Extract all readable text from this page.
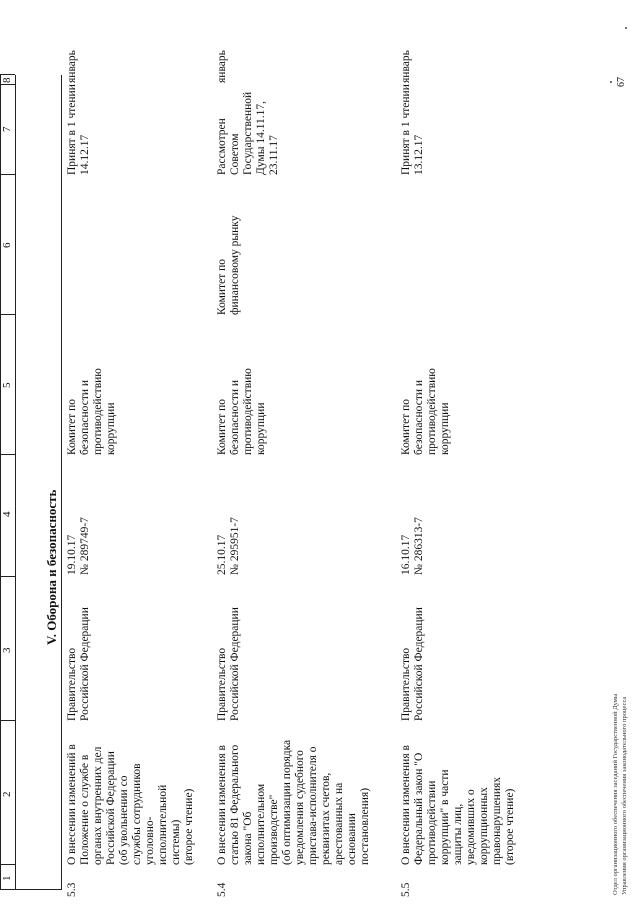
1
2
3
4
5
6
7
8
V. Оборона и безопасность
5.3
О внесении изменений в Положение о службе в органах внутренних дел Российской Федерации (об увольнении со службы сотрудников уголовно- исполнительной системы) (второе чтение)
Правительство Российской Федерации
19.10.17 № 289749-7
Комитет по безопасности и противодействию коррупции
Принят в 1 чтении 14.12.17
январь
5.4
О внесении изменения в статью 81 Федерального закона "Об исполнительном производстве" (об оптимизации порядка уведомления судебного пристава-исполнителя о реквизитах счетов, арестованных на основании постановления)
Правительство Российской Федерации
25.10.17 № 295951-7
Комитет по безопасности и противодействию коррупции
Комитет по финансовому рынку
Рассмотрен Советом Государственной Думы 14.11.17, 23.11.17
январь
5.5
О внесении изменения в Федеральный закон "О противодействии коррупции" в части защиты лиц, уведомивших о коррупционных правонарушениях (второе чтение)
Правительство Российской Федерации
16.10.17 № 286313-7
Комитет по безопасности и противодействию коррупции
Принят в 1 чтении 13.12.17
январь
Отдел организационного обеспечения заседаний Государственной Думы Управления организационного обеспечения законодательного процесса
67
